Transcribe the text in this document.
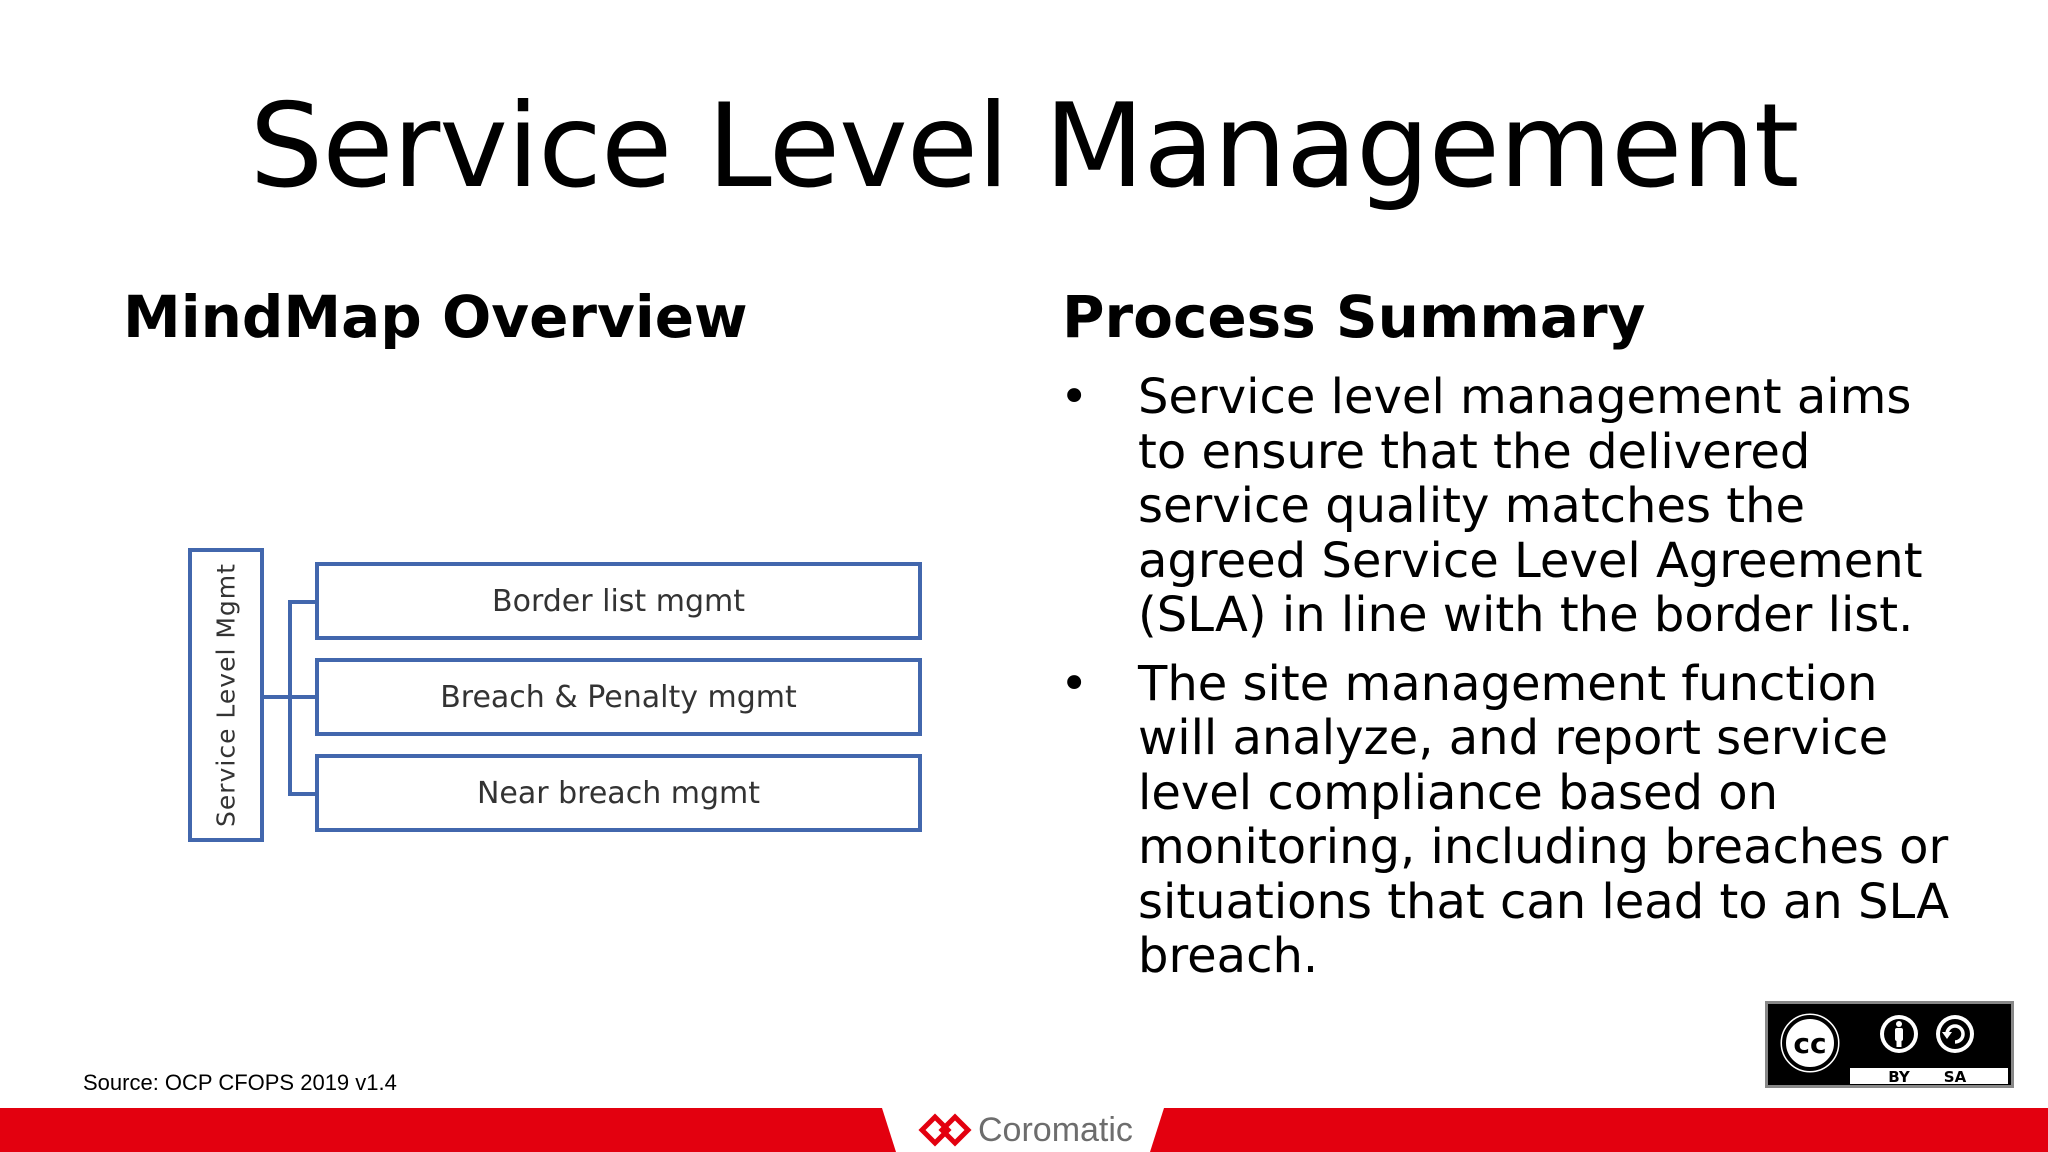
Service Level Management
MindMap Overview	Process Summary
Service Level Mgmt	Border list mgmt
Breach & Penalty mgmt
Near breach mgmt
• Service level management aims to ensure that the delivered service quality matches the agreed Service Level Agreement (SLA) in line with the border list.
• The site management function will analyze, and report service level compliance based on monitoring, including breaches or situations that can lead to an SLA breach.
cc
BY SA
Source: OCP CFOPS 2019 v1.4
Coromatic
